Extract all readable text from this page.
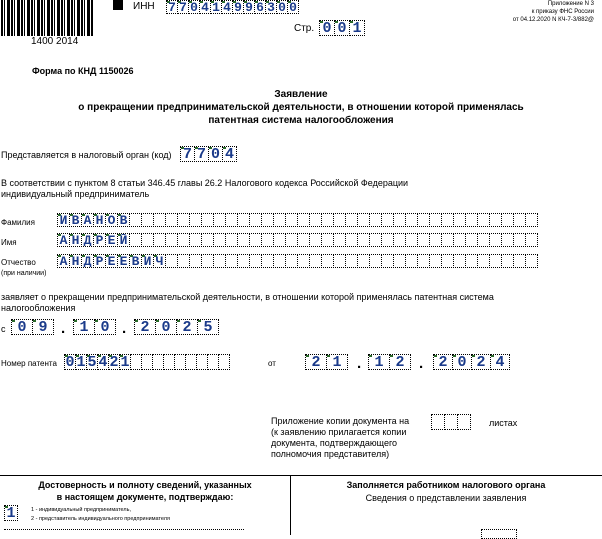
1400 2014
ИНН 7 7 0 4 1 4 9 9 6 3 0 0
Стр. 0 0 1
Приложение N 3
к приказу ФНС России
от 04.12.2020 N КЧ-7-3/882@
Форма по КНД 1150026
Заявление
о прекращении предпринимательской деятельности, в отношении которой применялась
патентная система налогообложения
Представляется в налоговый орган (код) 7 7 0 4
В соответствии с пунктом 8 статьи 346.45 главы 26.2 Налогового кодекса Российской Федерации
индивидуальный предприниматель
Фамилия И В А Н О В
Имя	А Н Д Р Е Й
Отчество
(при наличии)
А Н Д Р Е Е В И Ч
заявляет о прекращении предпринимательской деятельности, в отношении которой применялась патентная система
налогообложения
с 0 9 . 1 0 . 2 0 2 5
Номер патента 0 1 5 4 2 1	от	2 1	. 1 2 .	2 0 2 4
Приложение копии документа на
(к заявлению прилагается копии
документа, подтверждающего
полномочия представителя)
листах
Достоверность и полноту сведений, указанных
в настоящем документе, подтверждаю:
1	1 - индивидуальный предприниматель,
2 - представитель индивидуального предпринимателя
Заполняется работником налогового органа
Сведения о представлении заявления
